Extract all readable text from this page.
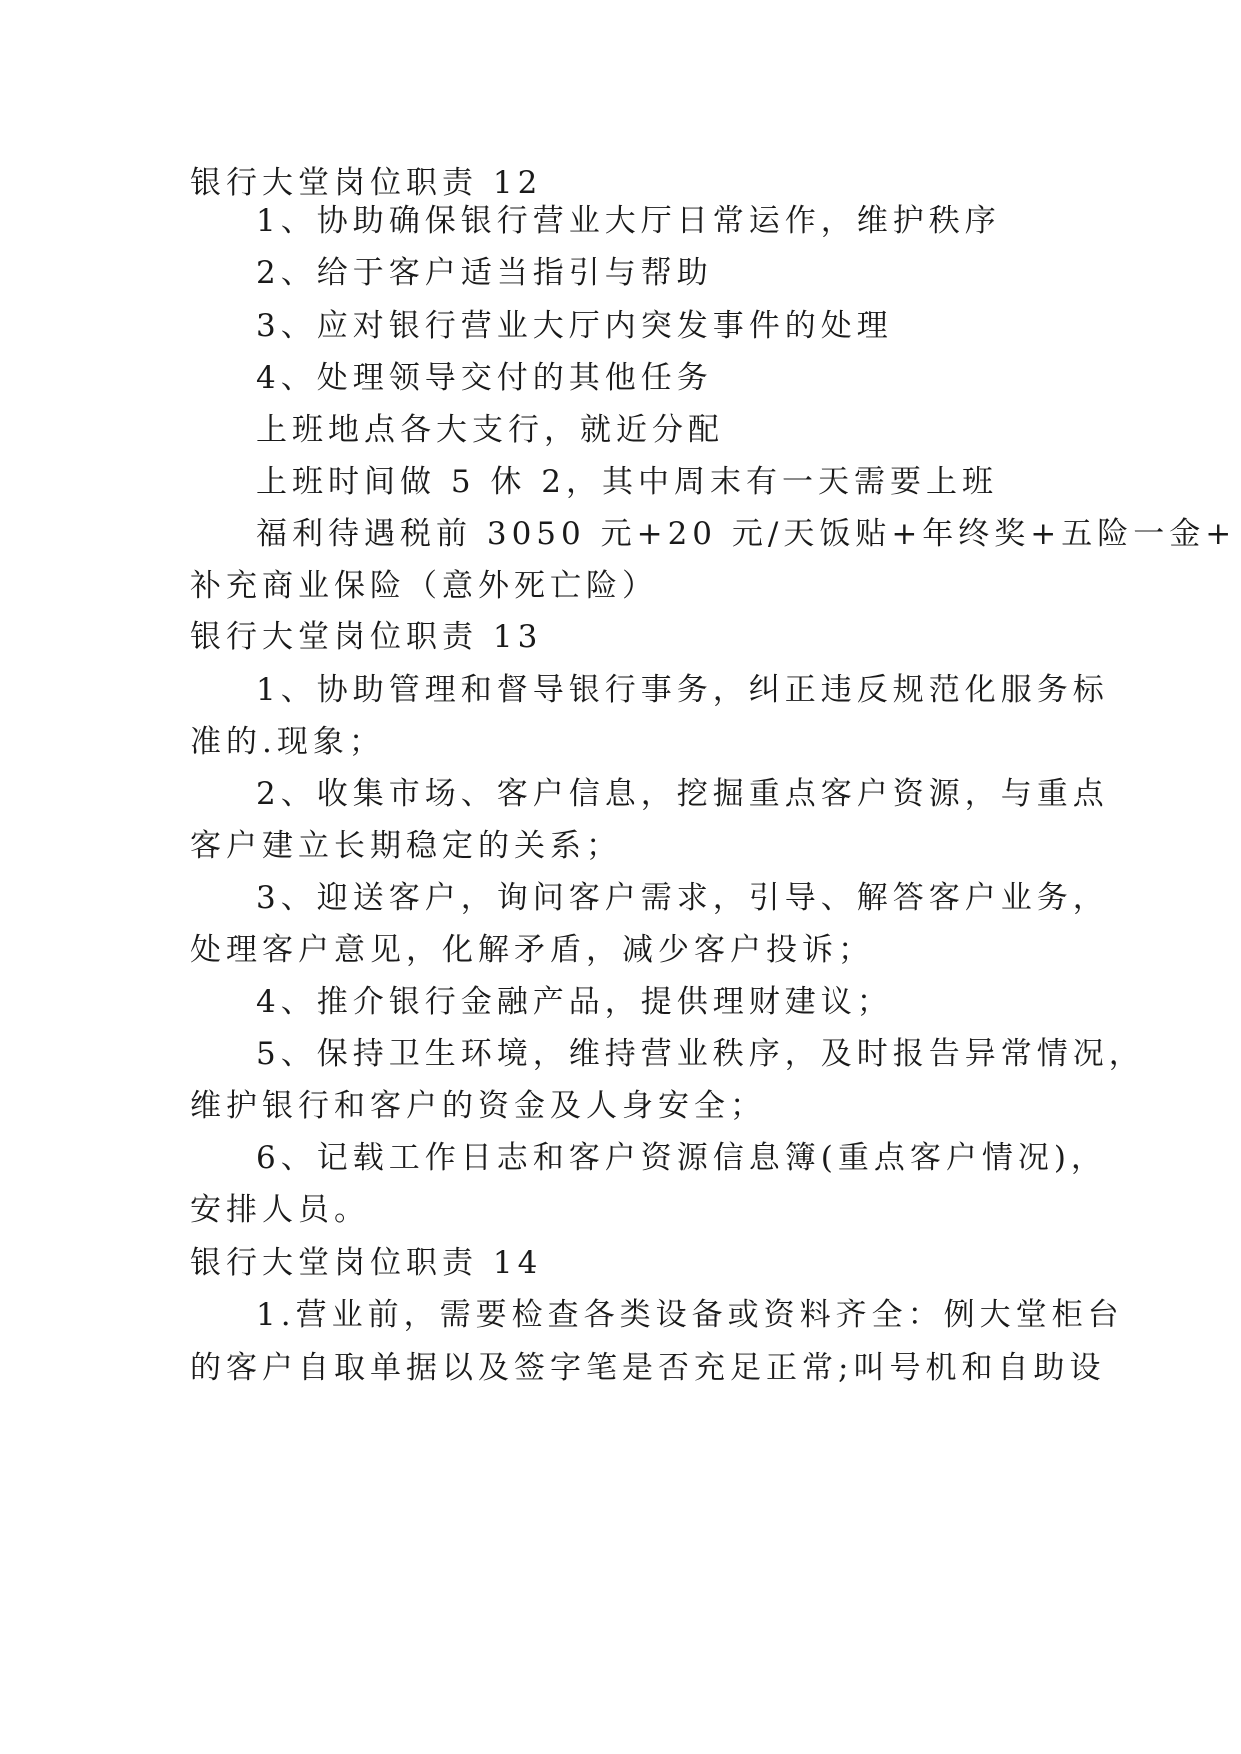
银行大堂岗位职责 12
1、协助确保银行营业大厅日常运作，维护秩序
2、给于客户适当指引与帮助
3、应对银行营业大厅内突发事件的处理
4、处理领导交付的其他任务
上班地点各大支行，就近分配
上班时间做 5 休 2，其中周末有一天需要上班
福利待遇税前 3050 元+20 元/天饭贴+年终奖+五险一金+
补充商业保险（意外死亡险）
银行大堂岗位职责 13
1、协助管理和督导银行事务，纠正违反规范化服务标
准的.现象；
2、收集市场、客户信息，挖掘重点客户资源，与重点
客户建立长期稳定的关系；
3、迎送客户，询问客户需求，引导、解答客户业务，
处理客户意见，化解矛盾，减少客户投诉；
4、推介银行金融产品，提供理财建议；
5、保持卫生环境，维持营业秩序，及时报告异常情况，
维护银行和客户的资金及人身安全；
6、记载工作日志和客户资源信息簿(重点客户情况)，
安排人员。
银行大堂岗位职责 14
1.营业前，需要检查各类设备或资料齐全：例大堂柜台
的客户自取单据以及签字笔是否充足正常;叫号机和自助设
